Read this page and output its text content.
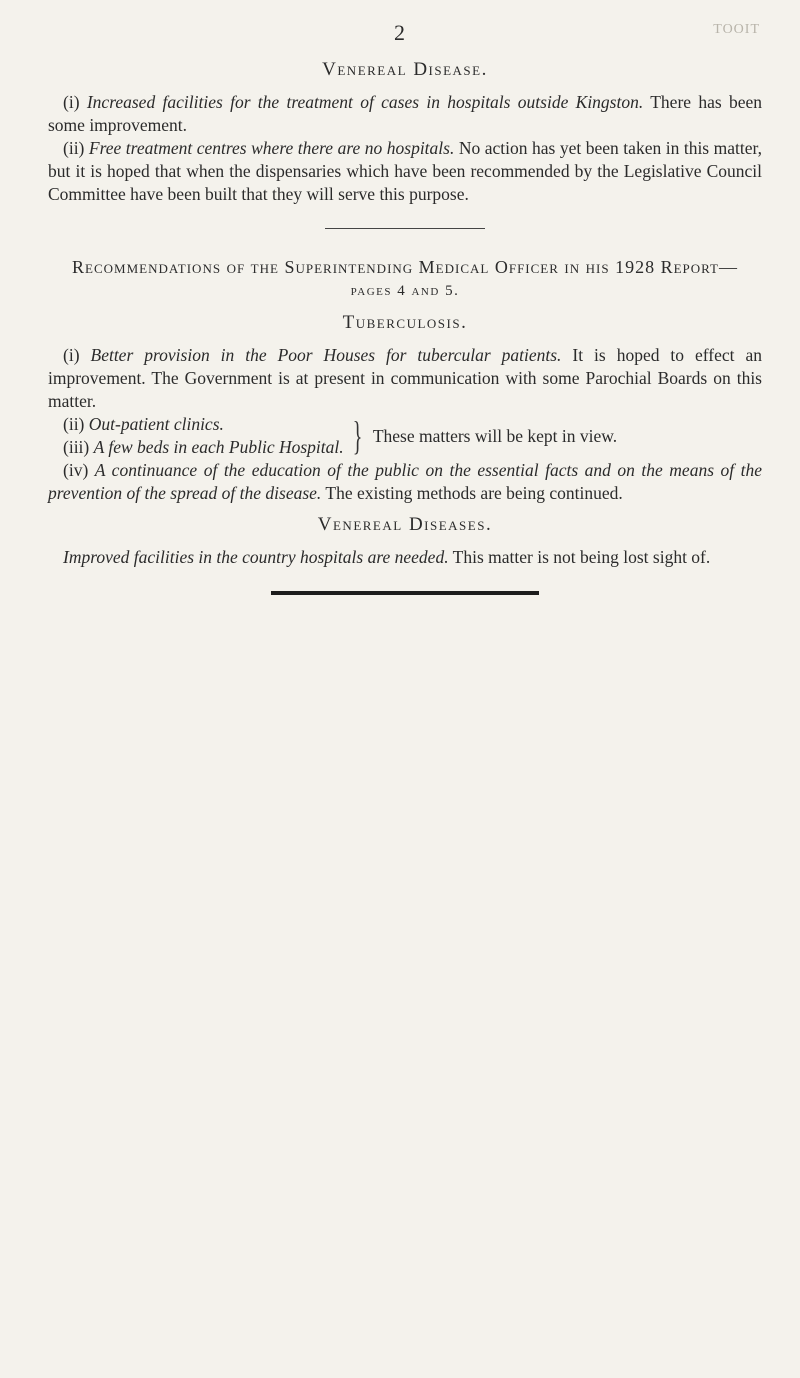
2	TOOIT
Venereal Disease.

(i) Increased facilities for the treatment of cases in hospitals outside Kingston. There has been some improvement.

(ii) Free treatment centres where there are no hospitals. No action has yet been taken in this matter, but it is hoped that when the dispensaries which have been recommended by the Legislative Council Committee have been built that they will serve this purpose.

Recommendations of the Superintending Medical Officer in his 1928 Report—
pages 4 and 5.
Tuberculosis.

(i) Better provision in the Poor Houses for tubercular patients. It is hoped to effect an improvement. The Government is at present in communication with some Parochial Boards on this matter.

(ii) Out-patient clinics.
(iii) A few beds in each Public Hospital. } These matters will be kept in view.

(iv) A continuance of the education of the public on the essential facts and on the means of the prevention of the spread of the disease. The existing methods are being continued.

Venereal Diseases.

Improved facilities in the country hospitals are needed. This matter is not being lost sight of.
